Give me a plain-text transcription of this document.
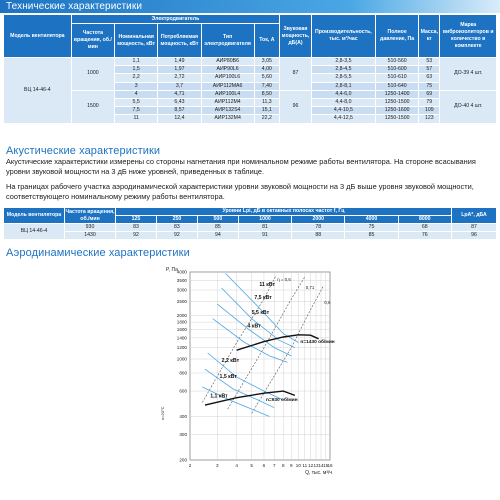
Технические характеристики
Модель вентилятора	Электродвигатель					Звуковая мощность, дБ(А)	Производительность, тыс. м³/час	Полное давление, Па	Масса, кг	Марка виброизоляторов и количество в комплекте
	Частота вращения, об./мин	Номинальная мощность, кВт	Потребляемая мощность, кВт	Тип электродвигателя	Ток, А					
ВЦ 14-46-4	1000	1,1	1,49	АИР80В6	3,05	87	2,8-3,5	510-560	53	ДО-39 4 шт.
		1,5	1,97	АИР90L6	4,00		2,8-4,5	510-600	57	
		2,2	2,72	АИР100L6	5,60		2,8-5,5	510-610	63	
		3	3,7	АИР112МА6	7,40		2,8-8,1	510-640	75	
	1500	4	4,71	АИР100L4	8,50	96	4,4-6,0	1250-1400	69	ДО-40 4 шт.
		5,5	6,43	АИР112М4	11,3		4,4-8,0	1250-1500	79	
		7,5	8,57	АИР132S4	15,1		4,4-10,5	1250-1600	109	
		11	12,4	АИР132М4	22,2		4,4-12,5	1250-1500	123	
Акустические характеристики
Акустические характеристики измерены со стороны нагнетания при номинальном режиме работы вентилятора. На стороне всасывания уровни звуковой мощности на 3 дБ ниже уровней, приведенных в таблице.
На границах рабочего участка аэродинамической характеристики уровни звуковой мощности на 3 дБ выше уровня звуковой мощности, соответствующего номинальному режиму работы вентилятора.
Модель вентилятора	Частота вращения, об./мин	Уровни Lpi, дБ в октавных полосах частот f, Гц							LpA*, дБА
		125	250	500	1000	2000	4000	8000	
ВЦ 14-46-4	930	83	83	85	81	78	75	68	87
	1430	92	92	94	91	88	85	76	96
Аэродинамические характеристики
2	3	4	5 6 7 8 9 10 11 12 13 14 15 16
4000
3500
3000
2500
2000
1800
1600
1400
1200
1000
800
600
400
300
200
P, Па
n=20°C
Q, тыс. м³/ч
η = 0,6
0,71
0,6
11 кВт
7,5 кВт
5,5 кВт
4 кВт
2,2 кВт
1,5 кВт
1,1 кВт
n=1430 об/мин
n=930 об/мин
